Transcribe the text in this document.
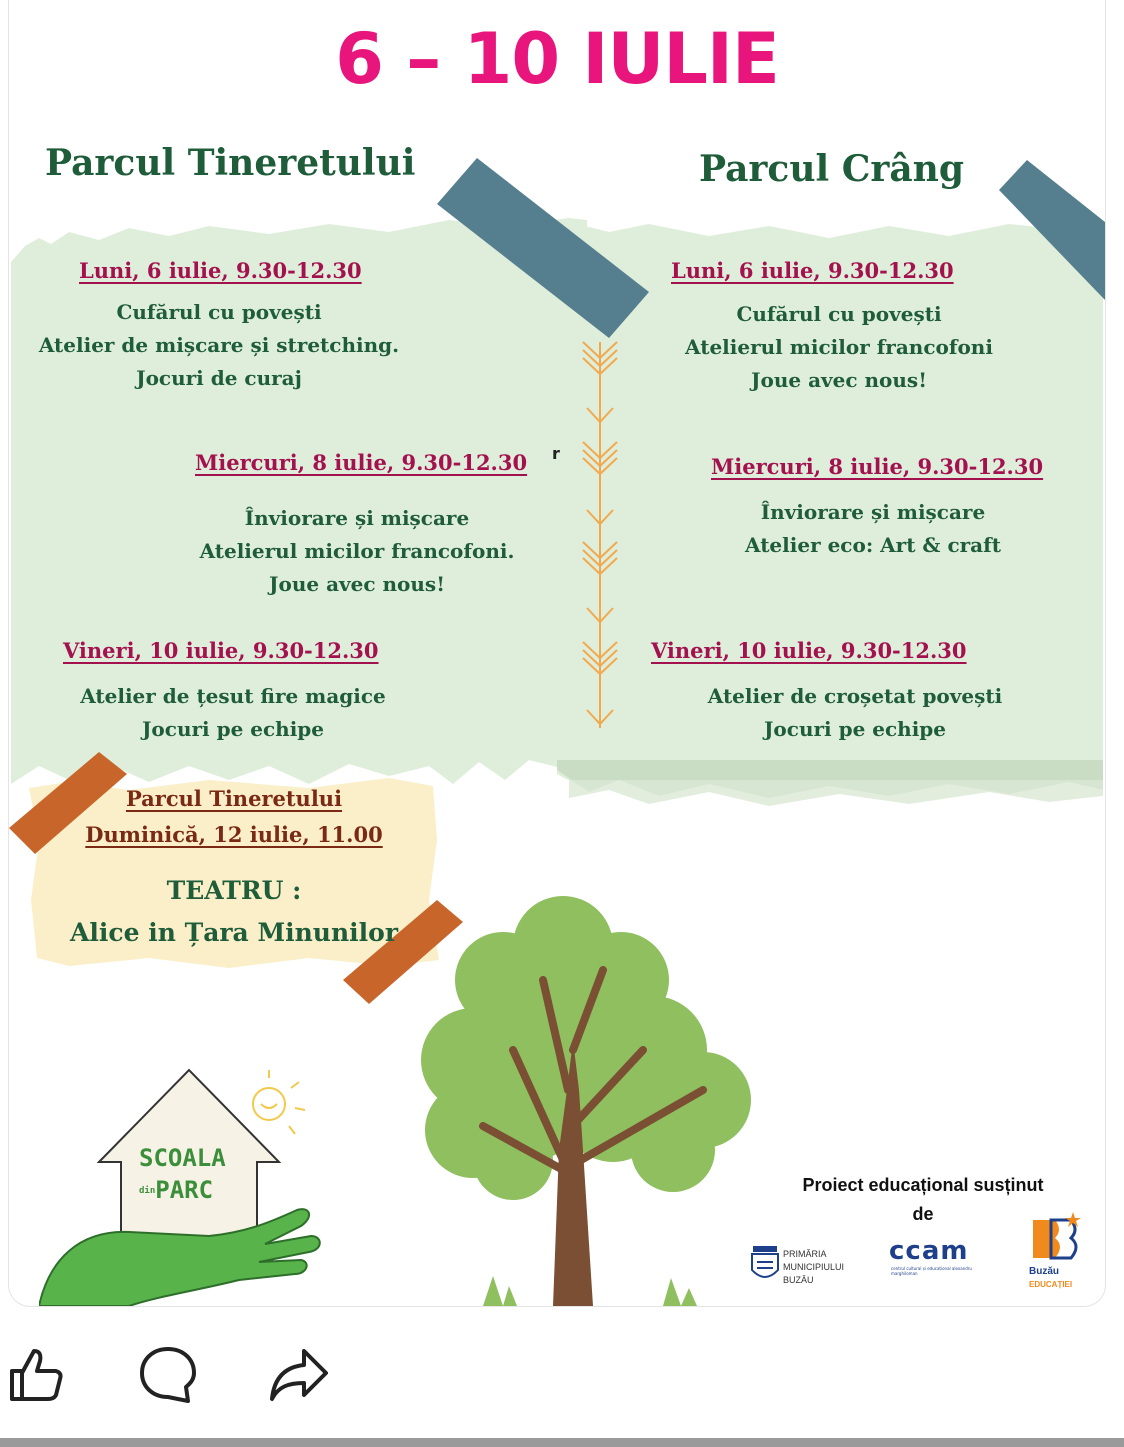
6 – 10 IULIE
Parcul Tineretului	Parcul Crâng
Luni, 6 iulie, 9.30-12.30
Cufărul cu povești
Atelier de mișcare și stretching.
Jocuri de curaj
Miercuri, 8 iulie, 9.30-12.30
Înviorare și mișcare
Atelierul micilor francofoni.
Joue avec nous!
Vineri, 10 iulie, 9.30-12.30
Atelier de țesut fire magice
Jocuri pe echipe
r
Luni, 6 iulie, 9.30-12.30
Cufărul cu povești
Atelierul micilor francofoni
Joue avec nous!
Miercuri, 8 iulie, 9.30-12.30
Înviorare și mișcare
Atelier eco: Art & craft
Vineri, 10 iulie, 9.30-12.30
Atelier de croșetat povești
Jocuri pe echipe
Parcul Tineretului
Duminică, 12 iulie, 11.00
TEATRU :
Alice in Țara Minunilor
SCOALA
dinPARC	Proiect educațional susținut
de
PRIMĂRIA
MUNICIPIULUI
BUZĂU
ccam
centrul cultural și educațional alexandru marghiloman	Buzău
EDUCAȚIEI
